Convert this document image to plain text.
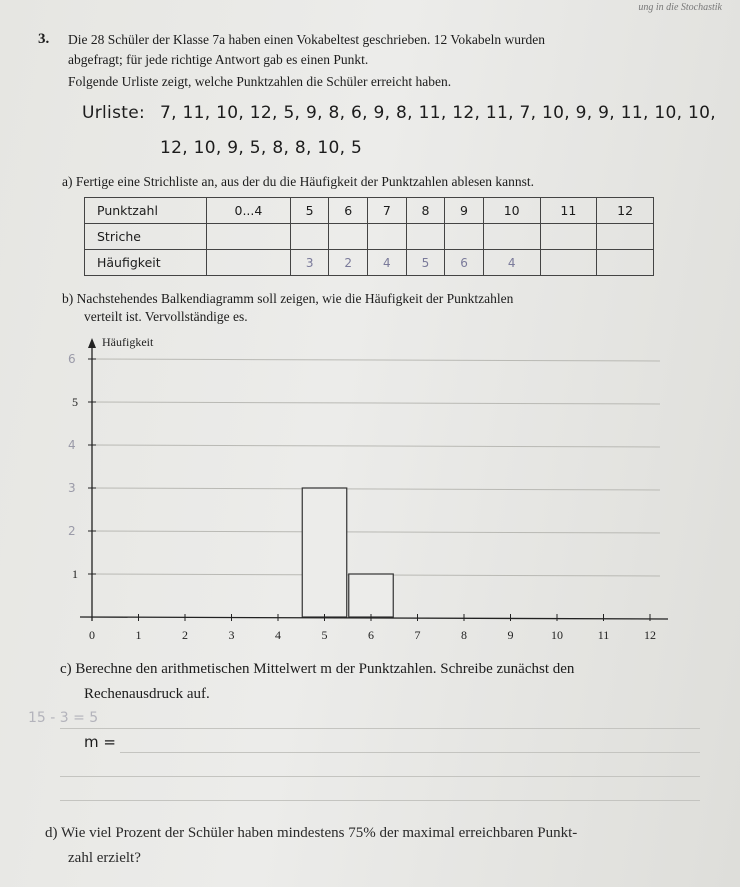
ung in die Stochastik
3. Die 28 Schüler der Klasse 7a haben einen Vokabeltest geschrieben. 12 Vokabeln wurden
abgefragt; für jede richtige Antwort gab es einen Punkt.
Folgende Urliste zeigt, welche Punktzahlen die Schüler erreicht haben.
Urliste: 7, 11, 10, 12, 5, 9, 8, 6, 9, 8, 11, 12, 11, 7, 10, 9, 9, 11, 10, 10,
12, 10, 9, 5, 8, 8, 10, 5
a) Fertige eine Strichliste an, aus der du die Häufigkeit der Punktzahlen ablesen kannst.
Punktzahl	0...4	5	6	7	8	9	10	11	12
Striche									
Häufigkeit		3	2	4	5	6	4		
b) Nachstehendes Balkendiagramm soll zeigen, wie die Häufigkeit der Punktzahlen
verteilt ist. Vervollständige es.
0	1	2	3	4	5	6	7	8	9	10	11	12
1
5
2
3
4
6
Häufigkeit
c) Berechne den arithmetischen Mittelwert m der Punktzahlen. Schreibe zunächst den
Rechenausdruck auf.
15 - 3 = 5
m =
d) Wie viel Prozent der Schüler haben mindestens 75% der maximal erreichbaren Punkt-
zahl erzielt?
